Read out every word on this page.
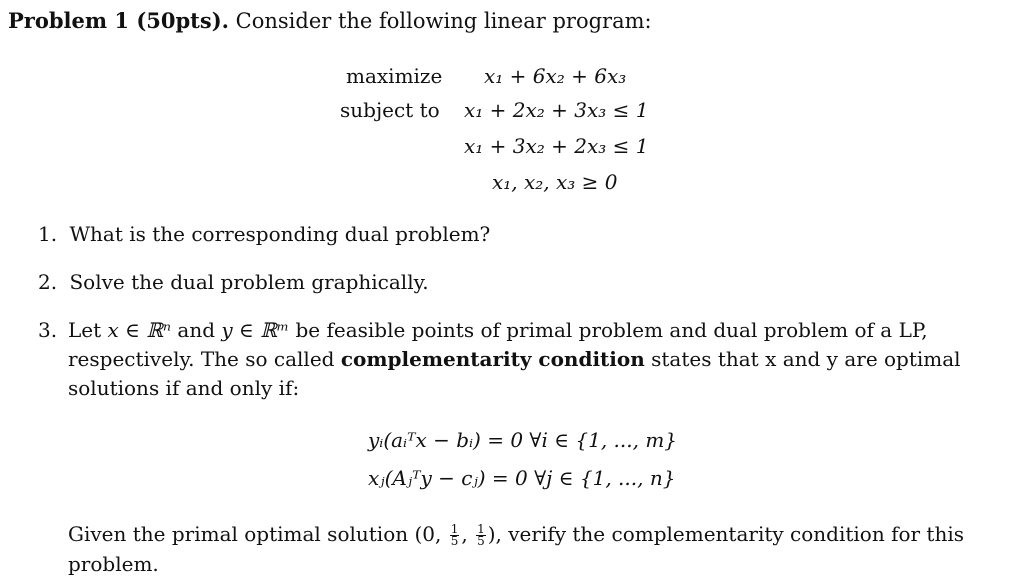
Problem 1 (50pts). Consider the following linear program:
maximize x₁ + 6x₂ + 6x₃
subject to x₁ + 2x₂ + 3x₃ ≤ 1
x₁ + 3x₂ + 2x₃ ≤ 1
x₁, x₂, x₃ ≥ 0
1. What is the corresponding dual problem?
2. Solve the dual problem graphically.
3. Let x ∈ ℝⁿ and y ∈ ℝᵐ be feasible points of primal problem and dual problem of a LP,
respectively. The so called complementarity condition states that x and y are optimal
solutions if and only if:
yᵢ(aᵢᵀx − bᵢ) = 0 ∀i ∈ {1, ..., m}
xⱼ(Aⱼᵀy − cⱼ) = 0 ∀j ∈ {1, ..., n}
Given the primal optimal solution (0, $\frac{1}{5}$ , $\frac{1}{5}$ ), verify the complementarity condition for this
problem.
